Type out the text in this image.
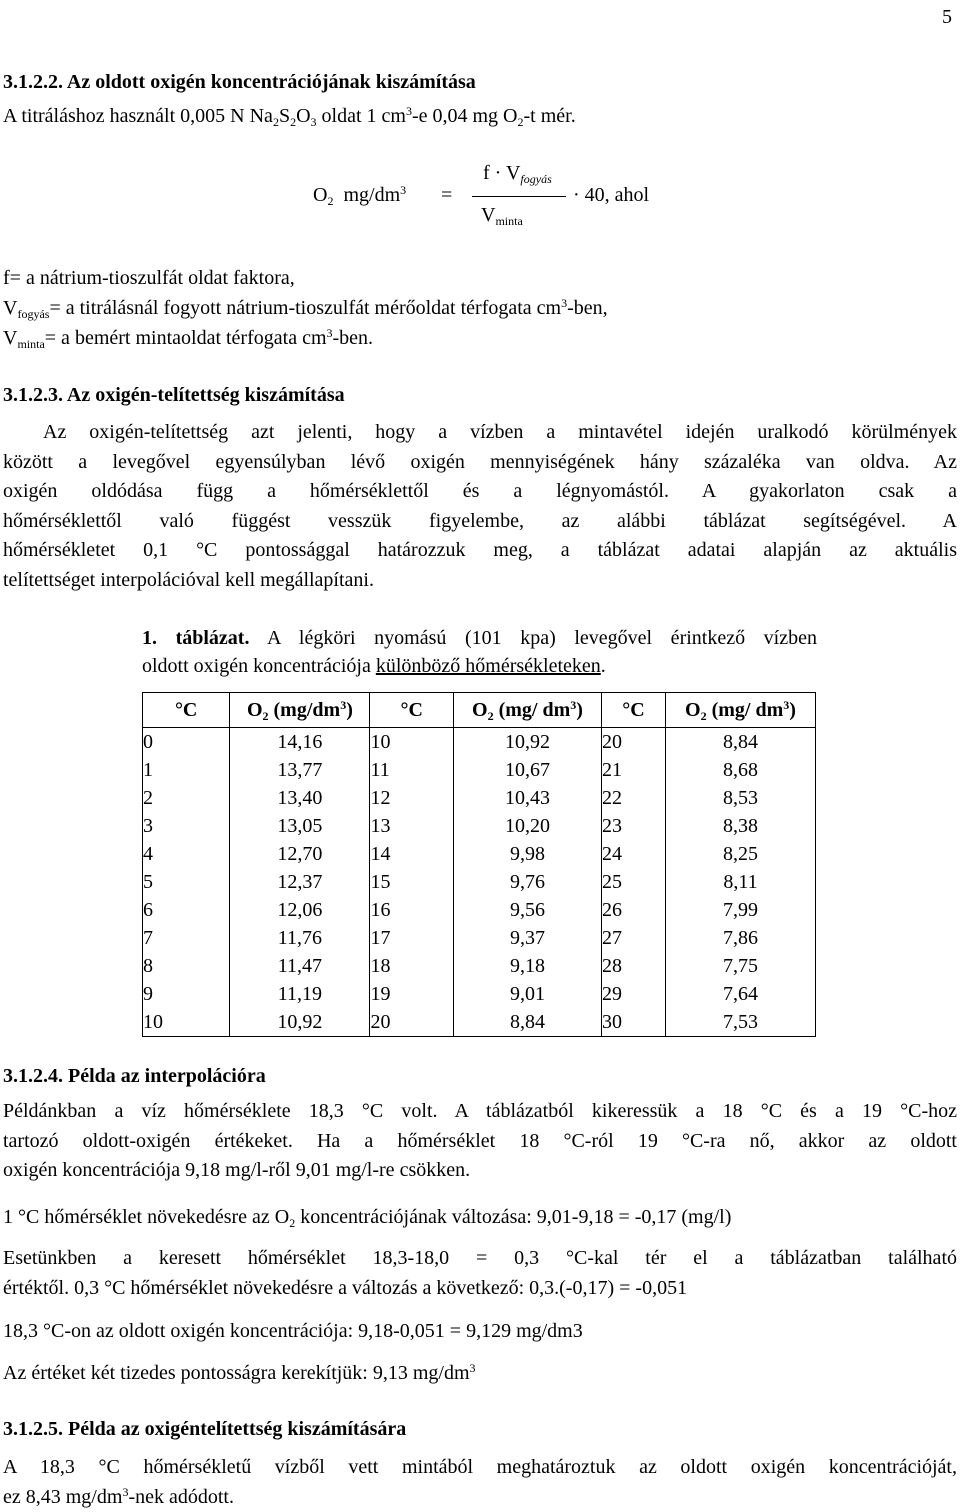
5
3.1.2.2. Az oldott oxigén koncentrációjának kiszámítása
A titráláshoz használt 0,005 N $Na_2S_2O_3$ oldat 1 $cm^3-e$ 0,04 mg $O_2-t$ mér.
$O_2$ $mg/dm^3$ =
$f \cdot V_{fogyás}$
$V_{minta}$
· 40, ahol
f= a nátrium-tioszulfát oldat faktora,
$V_{fogyás}= a$ titrálásnál fogyott nátrium-tioszulfát mérőoldat térfogata $cm^3$-ben,
$V_{minta}= a$ bemért mintaoldat térfogata $cm^3$-ben.
3.1.2.3. Az oxigén-telítettség kiszámítása
Az oxigén-telítettség azt jelenti, hogy a vízben a mintavétel idején uralkodó körülmények
között a levegővel egyensúlyban lévő oxigén mennyiségének hány százaléka van oldva. Az
oxigén oldódása függ a hőmérséklettől és a légnyomástól. A gyakorlaton csak a
hőmérséklettől való függést vesszük figyelembe, az alábbi táblázat segítségével. A
hőmérsékletet 0,1 °C pontossággal határozzuk meg, a táblázat adatai alapján az aktuális
telítettséget interpolációval kell megállapítani.
1. táblázat. A légköri nyomású (101 kpa) levegővel érintkező vízben
oldott oxigén koncentrációja különböző hőmérsékleteken.
°C	$O_2$ $(mg/dm^3)$	°C	$O_2$ (mg/ $dm^3$)	°C	$O_2$ (mg/ $dm^3$)
0	14,16	10	10,92	20	8,84
1	13,77	11	10,67	21	8,68
2	13,40	12	10,43	22	8,53
3	13,05	13	10,20	23	8,38
4	12,70	14	9,98	24	8,25
5	12,37	15	9,76	25	8,11
6	12,06	16	9,56	26	7,99
7	11,76	17	9,37	27	7,86
8	11,47	18	9,18	28	7,75
9	11,19	19	9,01	29	7,64
10	10,92	20	8,84	30	7,53
3.1.2.4. Példa az interpolációra
Példánkban a víz hőmérséklete 18,3 °C volt. A táblázatból kikeressük a 18 °C és a 19 °C-hoz
tartozó oldott-oxigén értékeket. Ha a hőmérséklet 18 °C-ról 19 °C-ra nő, akkor az oldott
oxigén koncentrációja 9,18 mg/l-ről 9,01 mg/l-re csökken.
1 °C hőmérséklet növekedésre az $O_2$ koncentrációjának változása: 9,01-9,18 = -0,17 (mg/l)
Esetünkben a keresett hőmérséklet 18,3-18,0 = 0,3 °C-kal tér el a táblázatban található
értéktől. 0,3 °C hőmérséklet növekedésre a változás a következő: 0,3.(-0,17) = -0,051
18,3 °C-on az oldott oxigén koncentrációja: 9,18-0,051 = 9,129 mg/dm3
Az értéket két tizedes pontosságra kerekítjük: 9,13 $mg/dm^3$
3.1.2.5. Példa az oxigéntelítettség kiszámítására
A 18,3 °C hőmérsékletű vízből vett mintából meghatároztuk az oldott oxigén koncentrációját,
ez 8,43 $mg/dm^3$-nek adódott.
